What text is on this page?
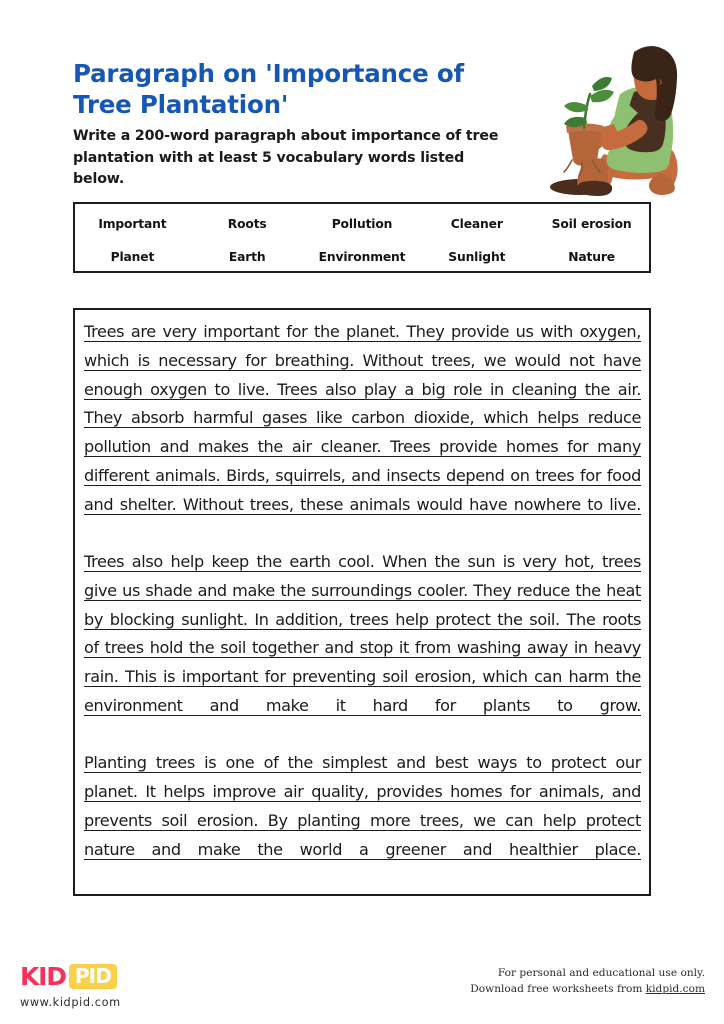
Paragraph on 'Importance of Tree Plantation'

Write a 200-word paragraph about importance of tree plantation with at least 5 vocabulary words listed below.

Important	Roots	Pollution	Cleaner	Soil erosion
Planet	Earth	Environment	Sunlight	Nature

Trees are very important for the planet. They provide us with oxygen, which is necessary for breathing. Without trees, we would not have enough oxygen to live. Trees also play a big role in cleaning the air. They absorb harmful gases like carbon dioxide, which helps reduce pollution and makes the air cleaner. Trees provide homes for many different animals. Birds, squirrels, and insects depend on trees for food and shelter. Without trees, these animals would have nowhere to live.

Trees also help keep the earth cool. When the sun is very hot, trees give us shade and make the surroundings cooler. They reduce the heat by blocking sunlight. In addition, trees help protect the soil. The roots of trees hold the soil together and stop it from washing away in heavy rain. This is important for preventing soil erosion, which can harm the environment and make it hard for plants to grow.

Planting trees is one of the simplest and best ways to protect our planet. It helps improve air quality, provides homes for animals, and prevents soil erosion. By planting more trees, we can help protect nature and make the world a greener and healthier place.

KID PID
www.kidpid.com
For personal and educational use only.
Download free worksheets from kidpid.com
